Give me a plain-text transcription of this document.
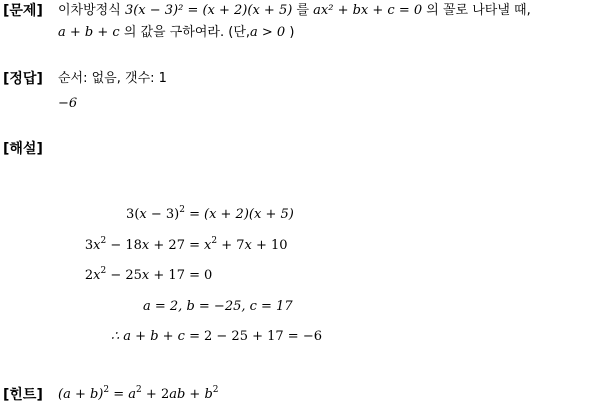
[문제] 이차방정식 3(x − 3)² = (x + 2)(x + 5) 를 ax² + bx + c = 0 의 꼴로 나타낼 때,
a + b + c 의 값을 구하여라. (단,a > 0 )
[정답] 순서: 없음, 갯수: 1
−6
[해설]
$3(x - 3)^2 = (x + 2)(x + 5)$
$3x^2 - 18x + 27 = x^2 + 7x + 10$
$2x^2 - 25x + 17 = 0$
a = 2, b = −25, c = 17
∴ a + b + c = 2 − 25 + 17 = −6
[힌트] $(a + b)^2 = a^2 + 2ab + b^2$
